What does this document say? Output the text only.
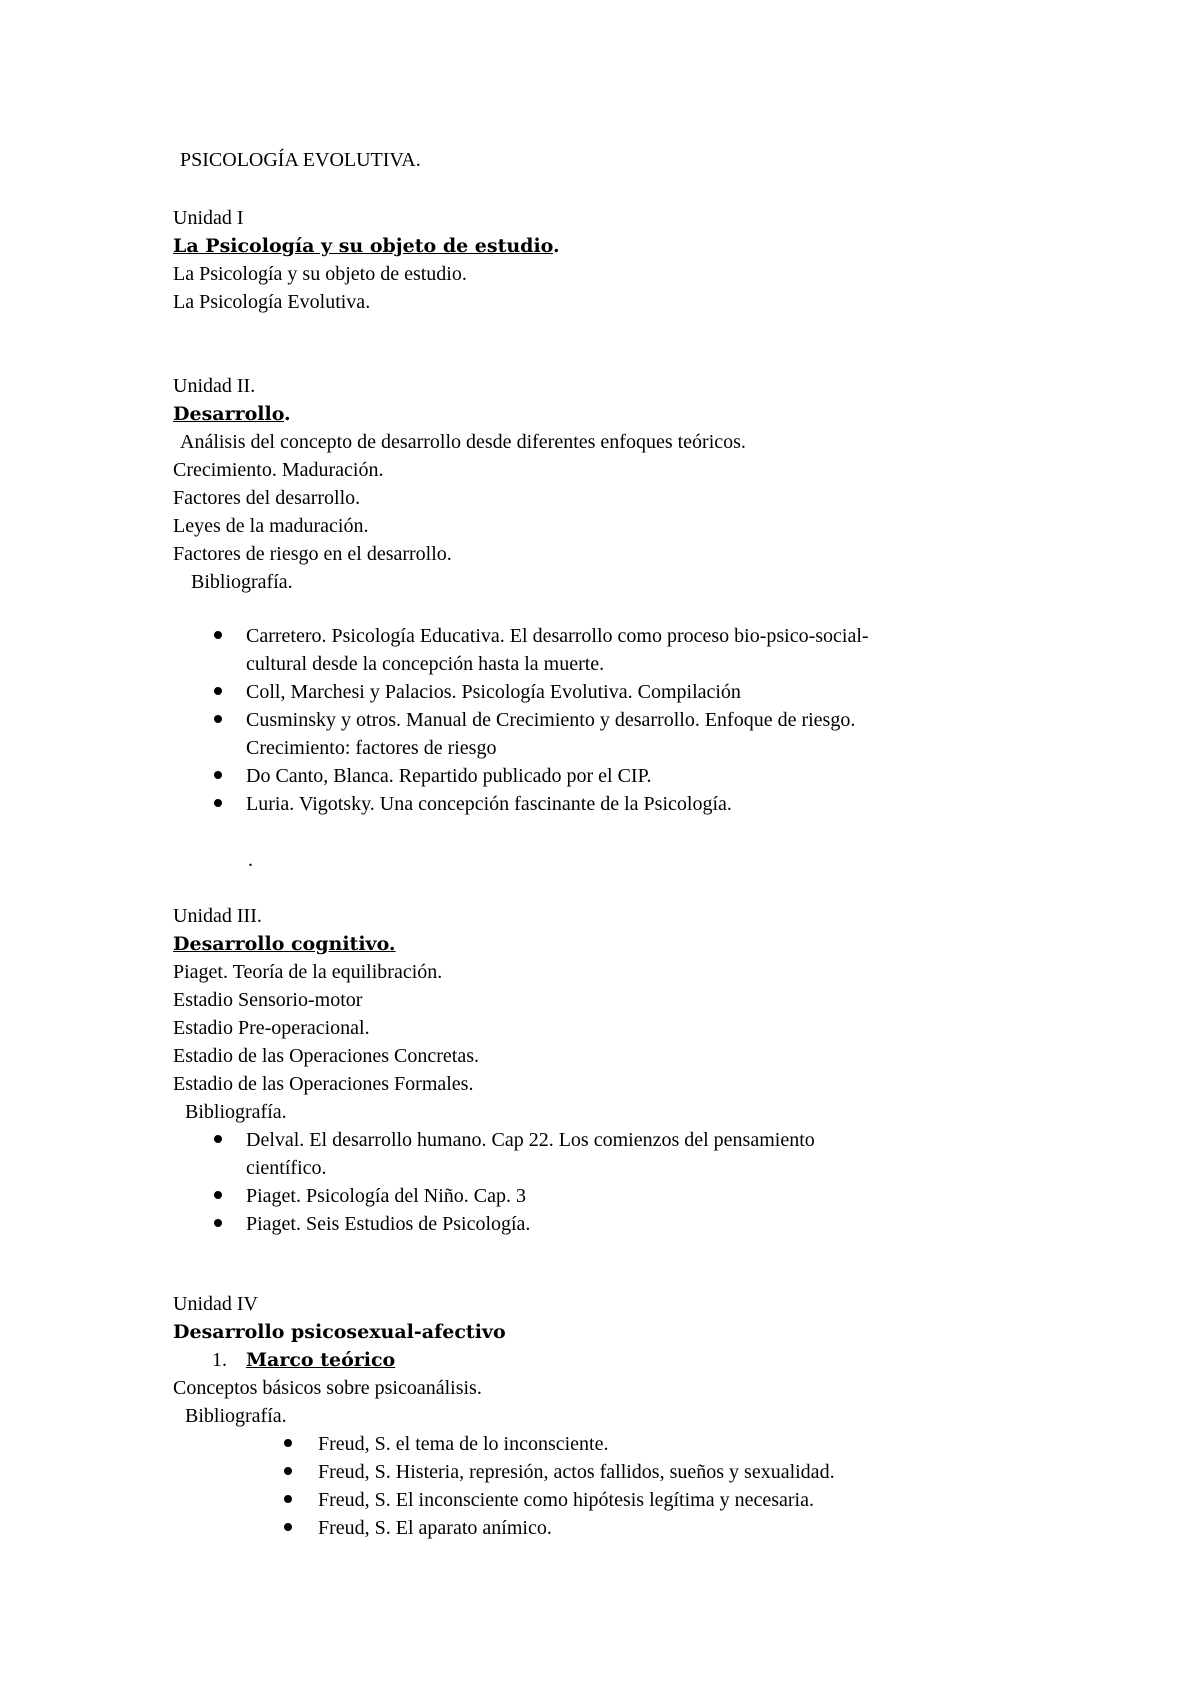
PSICOLOGÍA EVOLUTIVA.
Unidad I
La Psicología y su objeto de estudio.
La Psicología y su objeto de estudio.
La Psicología Evolutiva.
Unidad II.
Desarrollo.
Análisis del concepto de desarrollo desde diferentes enfoques teóricos.
Crecimiento. Maduración.
Factores del desarrollo.
Leyes de la maduración.
Factores de riesgo en el desarrollo.
Bibliografía.
Carretero. Psicología Educativa. El desarrollo como proceso bio-psico-social-
cultural desde la concepción hasta la muerte.
Coll, Marchesi y Palacios. Psicología Evolutiva. Compilación
Cusminsky y otros. Manual de Crecimiento y desarrollo. Enfoque de riesgo.
Crecimiento: factores de riesgo
Do Canto, Blanca. Repartido publicado por el CIP.
Luria. Vigotsky. Una concepción fascinante de la Psicología.
.
Unidad III.
Desarrollo cognitivo.
Piaget. Teoría de la equilibración.
Estadio Sensorio-motor
Estadio Pre-operacional.
Estadio de las Operaciones Concretas.
Estadio de las Operaciones Formales.
Bibliografía.
Delval. El desarrollo humano. Cap 22. Los comienzos del pensamiento
científico.
Piaget. Psicología del Niño. Cap. 3
Piaget. Seis Estudios de Psicología.
Unidad IV
Desarrollo psicosexual-afectivo
1. Marco teórico
Conceptos básicos sobre psicoanálisis.
Bibliografía.
Freud, S. el tema de lo inconsciente.
Freud, S. Histeria, represión, actos fallidos, sueños y sexualidad.
Freud, S. El inconsciente como hipótesis legítima y necesaria.
Freud, S. El aparato anímico.
